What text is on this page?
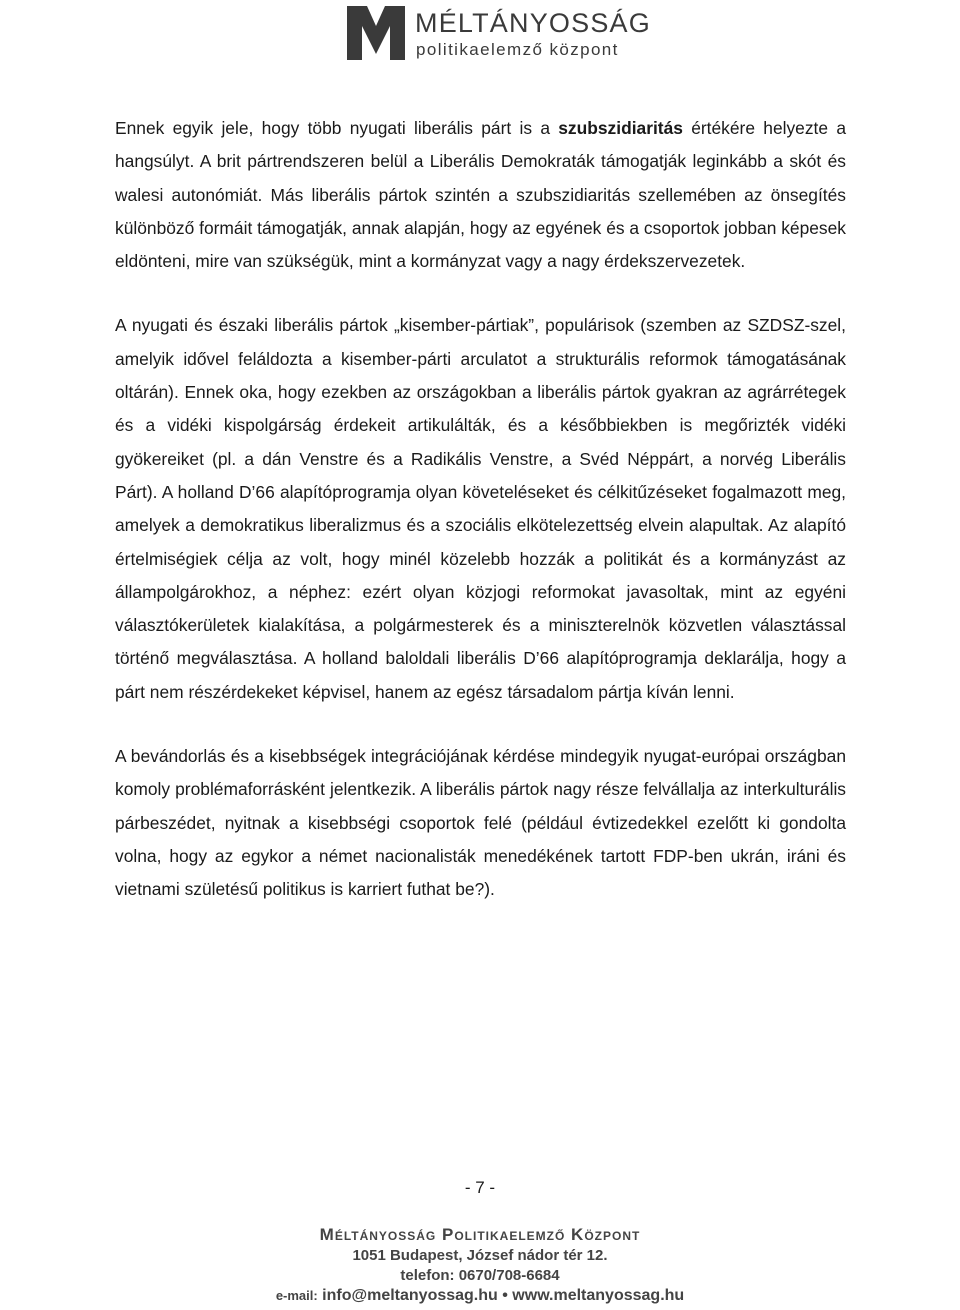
MÉLTÁNYOSSÁG
politikaelemző központ

Ennek egyik jele, hogy több nyugati liberális párt is a szubszidiaritás értékére helyezte a hangsúlyt. A brit pártrendszeren belül a Liberális Demokraták támogatják leginkább a skót és walesi autonómiát. Más liberális pártok szintén a szubszidiaritás szellemében az önsegítés különböző formáit támogatják, annak alapján, hogy az egyének és a csoportok jobban képesek eldönteni, mire van szükségük, mint a kormányzat vagy a nagy érdekszervezetek.

A nyugati és északi liberális pártok „kisember-pártiak”, populárisok (szemben az SZDSZ-szel, amelyik idővel feláldozta a kisember-párti arculatot a strukturális reformok támogatásának oltárán). Ennek oka, hogy ezekben az országokban a liberális pártok gyakran az agrárrétegek és a vidéki kispolgárság érdekeit artikulálták, és a későbbiekben is megőrizték vidéki gyökereiket (pl. a dán Venstre és a Radikális Venstre, a Svéd Néppárt, a norvég Liberális Párt). A holland D’66 alapítóprogramja olyan követeléseket és célkitűzéseket fogalmazott meg, amelyek a demokratikus liberalizmus és a szociális elkötelezettség elvein alapultak. Az alapító értelmiségiek célja az volt, hogy minél közelebb hozzák a politikát és a kormányzást az állampolgárokhoz, a néphez: ezért olyan közjogi reformokat javasoltak, mint az egyéni választókerületek kialakítása, a polgármesterek és a miniszterelnök közvetlen választással történő megválasztása. A holland baloldali liberális D’66 alapítóprogramja deklarálja, hogy a párt nem részérdekeket képvisel, hanem az egész társadalom pártja kíván lenni.

A bevándorlás és a kisebbségek integrációjának kérdése mindegyik nyugat-európai országban komoly problémaforrásként jelentkezik. A liberális pártok nagy része felvállalja az interkulturális párbeszédet, nyitnak a kisebbségi csoportok felé (például évtizedekkel ezelőtt ki gondolta volna, hogy az egykor a német nacionalisták menedékének tartott FDP-ben ukrán, iráni és vietnami születésű politikus is karriert futhat be?).

- 7 -
Méltányosság Politikaelemző Központ
1051 Budapest, József nádor tér 12.
telefon: 0670/708-6684
e-mail: info@meltanyossag.hu • www.meltanyossag.hu
